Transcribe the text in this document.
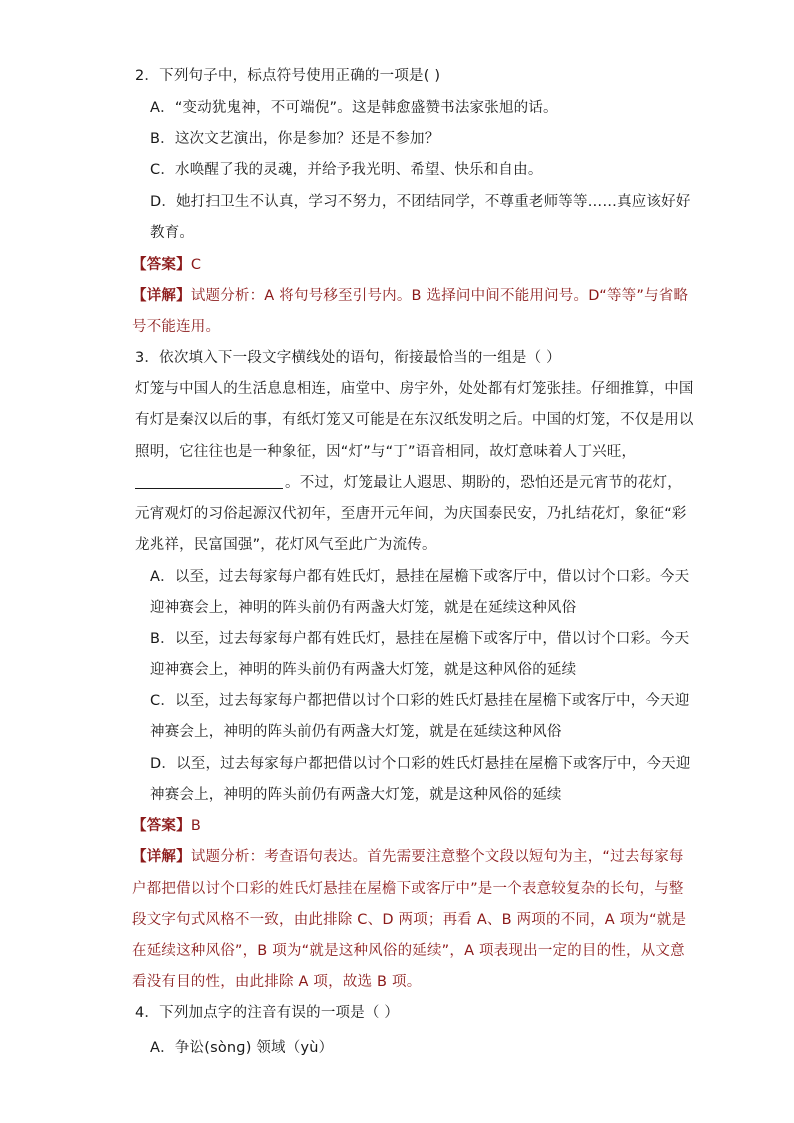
2．下列句子中，标点符号使用正确的一项是( )
A．“变动犹鬼神，不可端倪”。这是韩愈盛赞书法家张旭的话。
B．这次文艺演出，你是参加？还是不参加？
C．水唤醒了我的灵魂，并给予我光明、希望、快乐和自由。
D．她打扫卫生不认真，学习不努力，不团结同学，不尊重老师等等……真应该好好
教育。
【答案】C
【详解】试题分析：A 将句号移至引号内。B 选择问中间不能用问号。D“等等”与省略
号不能连用。
3．依次填入下一段文字横线处的语句，衔接最恰当的一组是（ ）
灯笼与中国人的生活息息相连，庙堂中、房宇外，处处都有灯笼张挂。仔细推算，中国
有灯是秦汉以后的事，有纸灯笼又可能是在东汉纸发明之后。中国的灯笼，不仅是用以
照明，它往往也是一种象征，因“灯”与“丁”语音相同，故灯意味着人丁兴旺，
。不过，灯笼最让人遐思、期盼的，恐怕还是元宵节的花灯，
元宵观灯的习俗起源汉代初年，至唐开元年间，为庆国泰民安，乃扎结花灯，象征“彩
龙兆祥，民富国强”，花灯风气至此广为流传。
A．以至，过去每家每户都有姓氏灯，悬挂在屋檐下或客厅中，借以讨个口彩。今天
迎神赛会上，神明的阵头前仍有两盏大灯笼，就是在延续这种风俗
B．以至，过去每家每户都有姓氏灯，悬挂在屋檐下或客厅中，借以讨个口彩。今天
迎神赛会上，神明的阵头前仍有两盏大灯笼，就是这种风俗的延续
C．以至，过去每家每户都把借以讨个口彩的姓氏灯悬挂在屋檐下或客厅中，今天迎
神赛会上，神明的阵头前仍有两盏大灯笼，就是在延续这种风俗
D．以至，过去每家每户都把借以讨个口彩的姓氏灯悬挂在屋檐下或客厅中，今天迎
神赛会上，神明的阵头前仍有两盏大灯笼，就是这种风俗的延续
【答案】B
【详解】试题分析：考查语句表达。首先需要注意整个文段以短句为主，“过去每家每
户都把借以讨个口彩的姓氏灯悬挂在屋檐下或客厅中”是一个表意较复杂的长句，与整
段文字句式风格不一致，由此排除 C、D 两项；再看 A、B 两项的不同，A 项为“就是
在延续这种风俗”，B 项为“就是这种风俗的延续”，A 项表现出一定的目的性，从文意
看没有目的性，由此排除 A 项，故选 B 项。
4．下列加点字的注音有误的一项是（ ）
A．争讼(sònɡ) 领域（yù）
